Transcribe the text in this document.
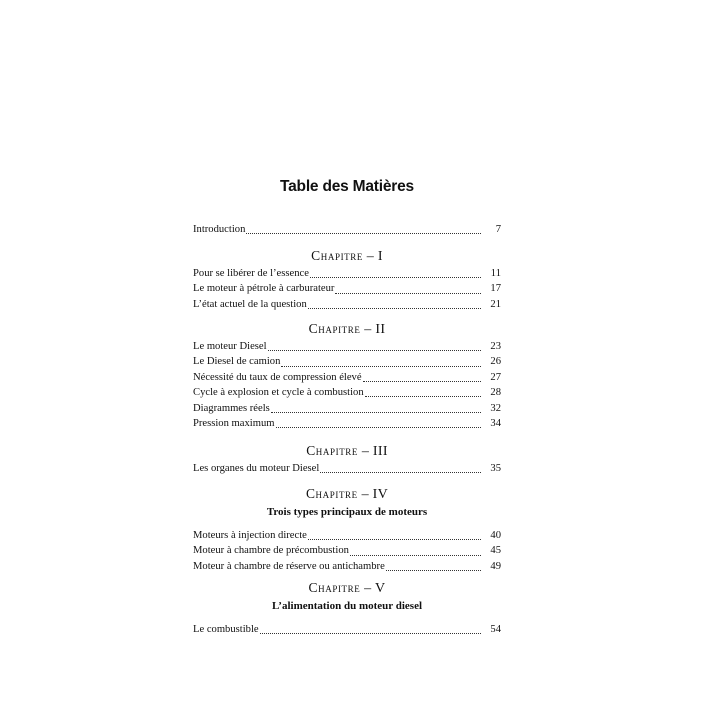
Table des Matières
Introduction	7
Chapitre – I
Pour se libérer de l’essence	11
Le moteur à pétrole à carburateur	17
L’état actuel de la question	21
Chapitre – II
Le moteur Diesel	23
Le Diesel de camion	26
Nécessité du taux de compression élevé	27
Cycle à explosion et cycle à combustion	28
Diagrammes réels	32
Pression maximum	34
Chapitre – III
Les organes du moteur Diesel	35
Chapitre – IV
Trois types principaux de moteurs
Moteurs à injection directe	40
Moteur à chambre de précombustion	45
Moteur à chambre de réserve ou antichambre	49
Chapitre – V
L’alimentation du moteur diesel
Le combustible	54
